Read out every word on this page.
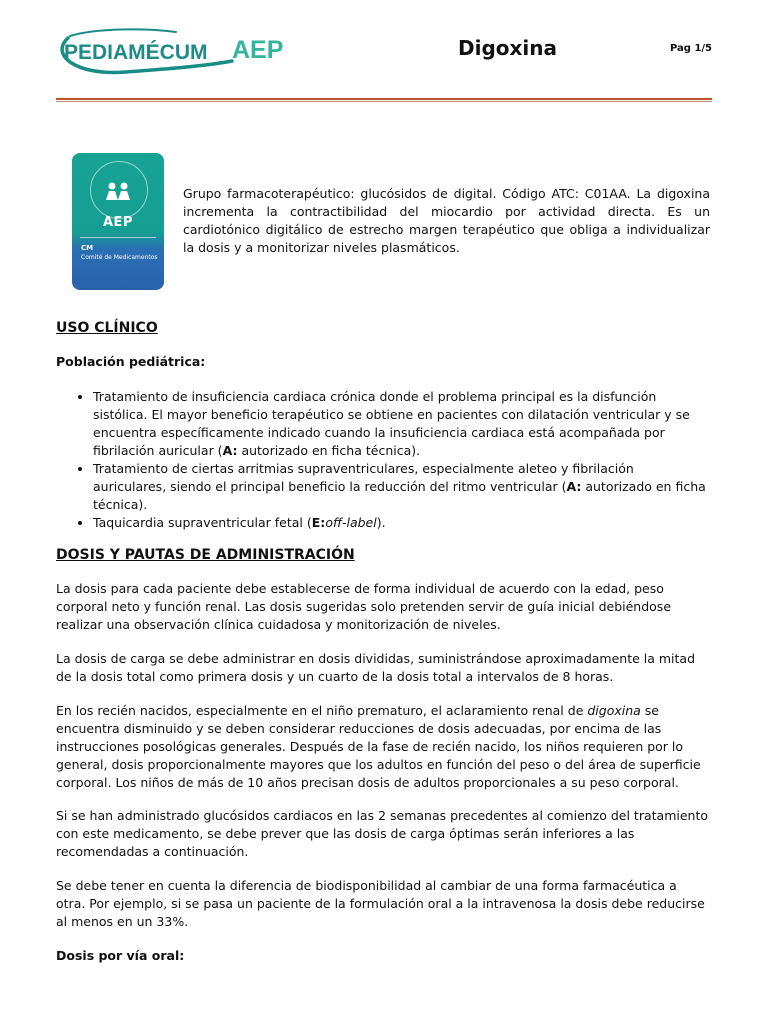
PEDIAMÉCUM AEP	Digoxina	Pag 1/5
AEP
CM
Comité de Medicamentos

Grupo farmacoterapéutico: glucósidos de digital. Código ATC: C01AA. La digoxina incrementa la contractibilidad del miocardio por actividad directa. Es un cardiotónico digitálico de estrecho margen terapéutico que obliga a individualizar la dosis y a monitorizar niveles plasmáticos.

USO CLÍNICO

Población pediátrica:

• Tratamiento de insuficiencia cardiaca crónica donde el problema principal es la disfunción sistólica. El mayor beneficio terapéutico se obtiene en pacientes con dilatación ventricular y se encuentra específicamente indicado cuando la insuficiencia cardiaca está acompañada por fibrilación auricular (A: autorizado en ficha técnica).
• Tratamiento de ciertas arritmias supraventriculares, especialmente aleteo y fibrilación auriculares, siendo el principal beneficio la reducción del ritmo ventricular (A: autorizado en ficha técnica).
• Taquicardia supraventricular fetal (E:off-label).
DOSIS Y PAUTAS DE ADMINISTRACIÓN

La dosis para cada paciente debe establecerse de forma individual de acuerdo con la edad, peso corporal neto y función renal. Las dosis sugeridas solo pretenden servir de guía inicial debiéndose realizar una observación clínica cuidadosa y monitorización de niveles.

La dosis de carga se debe administrar en dosis divididas, suministrándose aproximadamente la mitad de la dosis total como primera dosis y un cuarto de la dosis total a intervalos de 8 horas.

En los recién nacidos, especialmente en el niño prematuro, el aclaramiento renal de digoxina se encuentra disminuido y se deben considerar reducciones de dosis adecuadas, por encima de las instrucciones posológicas generales. Después de la fase de recién nacido, los niños requieren por lo general, dosis proporcionalmente mayores que los adultos en función del peso o del área de superficie corporal. Los niños de más de 10 años precisan dosis de adultos proporcionales a su peso corporal.

Si se han administrado glucósidos cardiacos en las 2 semanas precedentes al comienzo del tratamiento con este medicamento, se debe prever que las dosis de carga óptimas serán inferiores a las recomendadas a continuación.

Se debe tener en cuenta la diferencia de biodisponibilidad al cambiar de una forma farmacéutica a otra. Por ejemplo, si se pasa un paciente de la formulación oral a la intravenosa la dosis debe reducirse al menos en un 33%.

Dosis por vía oral:
